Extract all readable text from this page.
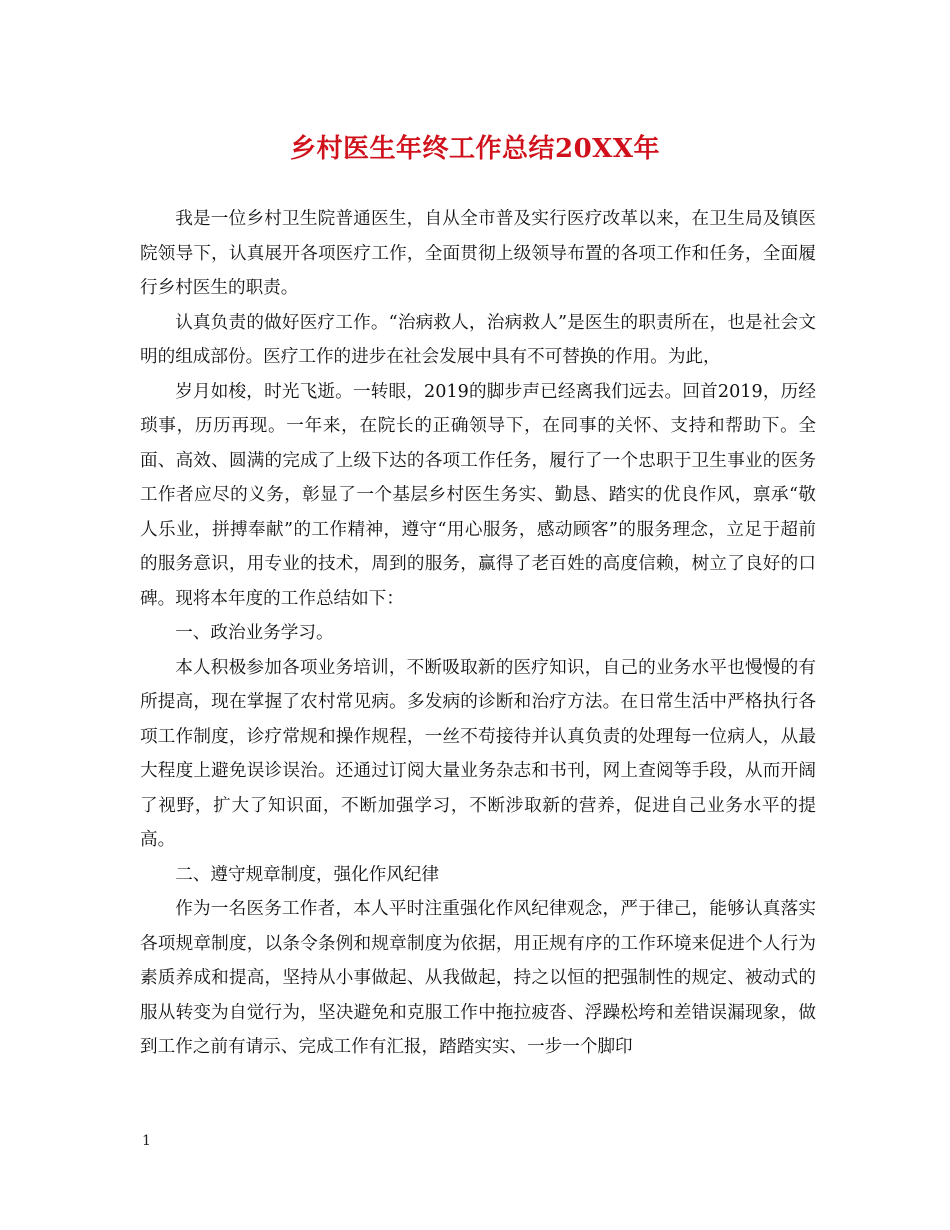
乡村医生年终工作总结20XX年

我是一位乡村卫生院普通医生，自从全市普及实行医疗改革以来，在卫生局及镇医院领导下，认真展开各项医疗工作，全面贯彻上级领导布置的各项工作和任务，全面履行乡村医生的职责。

认真负责的做好医疗工作。“治病救人，治病救人”是医生的职责所在，也是社会文明的组成部份。医疗工作的进步在社会发展中具有不可替换的作用。为此，

岁月如梭，时光飞逝。一转眼，2019的脚步声已经离我们远去。回首2019，历经琐事，历历再现。一年来，在院长的正确领导下，在同事的关怀、支持和帮助下。全面、高效、圆满的完成了上级下达的各项工作任务，履行了一个忠职于卫生事业的医务工作者应尽的义务，彰显了一个基层乡村医生务实、勤恳、踏实的优良作风，禀承“敬人乐业，拼搏奉献”的工作精神，遵守“用心服务，感动顾客”的服务理念，立足于超前的服务意识，用专业的技术，周到的服务，赢得了老百姓的高度信赖，树立了良好的口碑。现将本年度的工作总结如下：

一、政治业务学习。

本人积极参加各项业务培训，不断吸取新的医疗知识，自己的业务水平也慢慢的有所提高，现在掌握了农村常见病。多发病的诊断和治疗方法。在日常生活中严格执行各项工作制度，诊疗常规和操作规程，一丝不苟接待并认真负责的处理每一位病人，从最大程度上避免误诊误治。还通过订阅大量业务杂志和书刊，网上查阅等手段，从而开阔了视野，扩大了知识面，不断加强学习，不断涉取新的营养，促进自己业务水平的提高。

二、遵守规章制度，强化作风纪律

作为一名医务工作者，本人平时注重强化作风纪律观念，严于律己，能够认真落实各项规章制度，以条令条例和规章制度为依据，用正规有序的工作环境来促进个人行为素质养成和提高，坚持从小事做起、从我做起，持之以恒的把强制性的规定、被动式的服从转变为自觉行为，坚决避免和克服工作中拖拉疲沓、浮躁松垮和差错误漏现象，做到工作之前有请示、完成工作有汇报，踏踏实实、一步一个脚印

1
